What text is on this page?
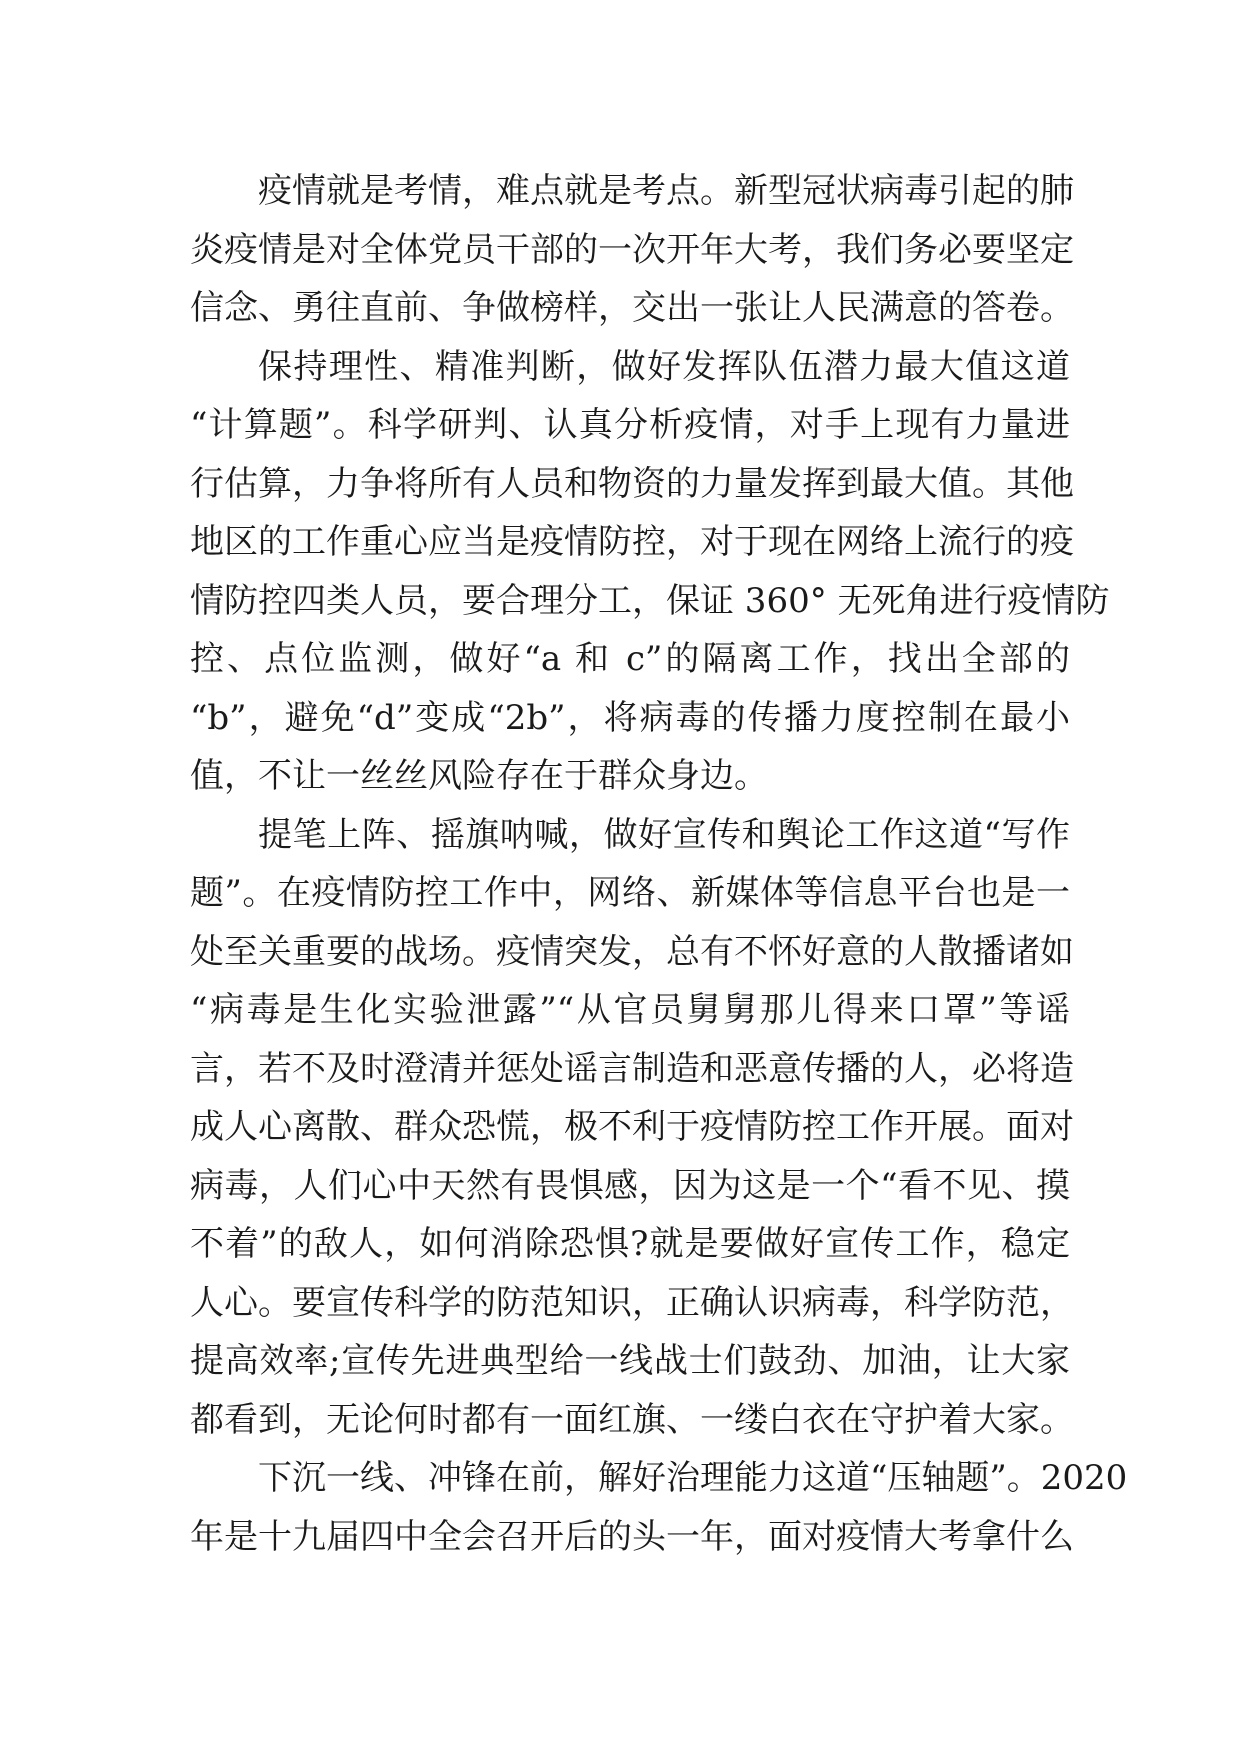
疫情就是考情，难点就是考点。新型冠状病毒引起的肺
炎疫情是对全体党员干部的一次开年大考，我们务必要坚定
信念、勇往直前、争做榜样，交出一张让人民满意的答卷。
保持理性、精准判断，做好发挥队伍潜力最大值这道
“计算题”。科学研判、认真分析疫情，对手上现有力量进
行估算，力争将所有人员和物资的力量发挥到最大值。其他
地区的工作重心应当是疫情防控，对于现在网络上流行的疫
情防控四类人员，要合理分工，保证 360° 无死角进行疫情防
控、点位监测，做好“a 和 c”的隔离工作，找出全部的
“b”，避免“d”变成“2b”，将病毒的传播力度控制在最小
值，不让一丝丝风险存在于群众身边。
提笔上阵、摇旗呐喊，做好宣传和舆论工作这道“写作
题”。在疫情防控工作中，网络、新媒体等信息平台也是一
处至关重要的战场。疫情突发，总有不怀好意的人散播诸如
“病毒是生化实验泄露”“从官员舅舅那儿得来口罩”等谣
言，若不及时澄清并惩处谣言制造和恶意传播的人，必将造
成人心离散、群众恐慌，极不利于疫情防控工作开展。面对
病毒，人们心中天然有畏惧感，因为这是一个“看不见、摸
不着”的敌人，如何消除恐惧?就是要做好宣传工作，稳定
人心。要宣传科学的防范知识，正确认识病毒，科学防范，
提高效率;宣传先进典型给一线战士们鼓劲、加油，让大家
都看到，无论何时都有一面红旗、一缕白衣在守护着大家。
下沉一线、冲锋在前，解好治理能力这道“压轴题”。2020
年是十九届四中全会召开后的头一年，面对疫情大考拿什么
